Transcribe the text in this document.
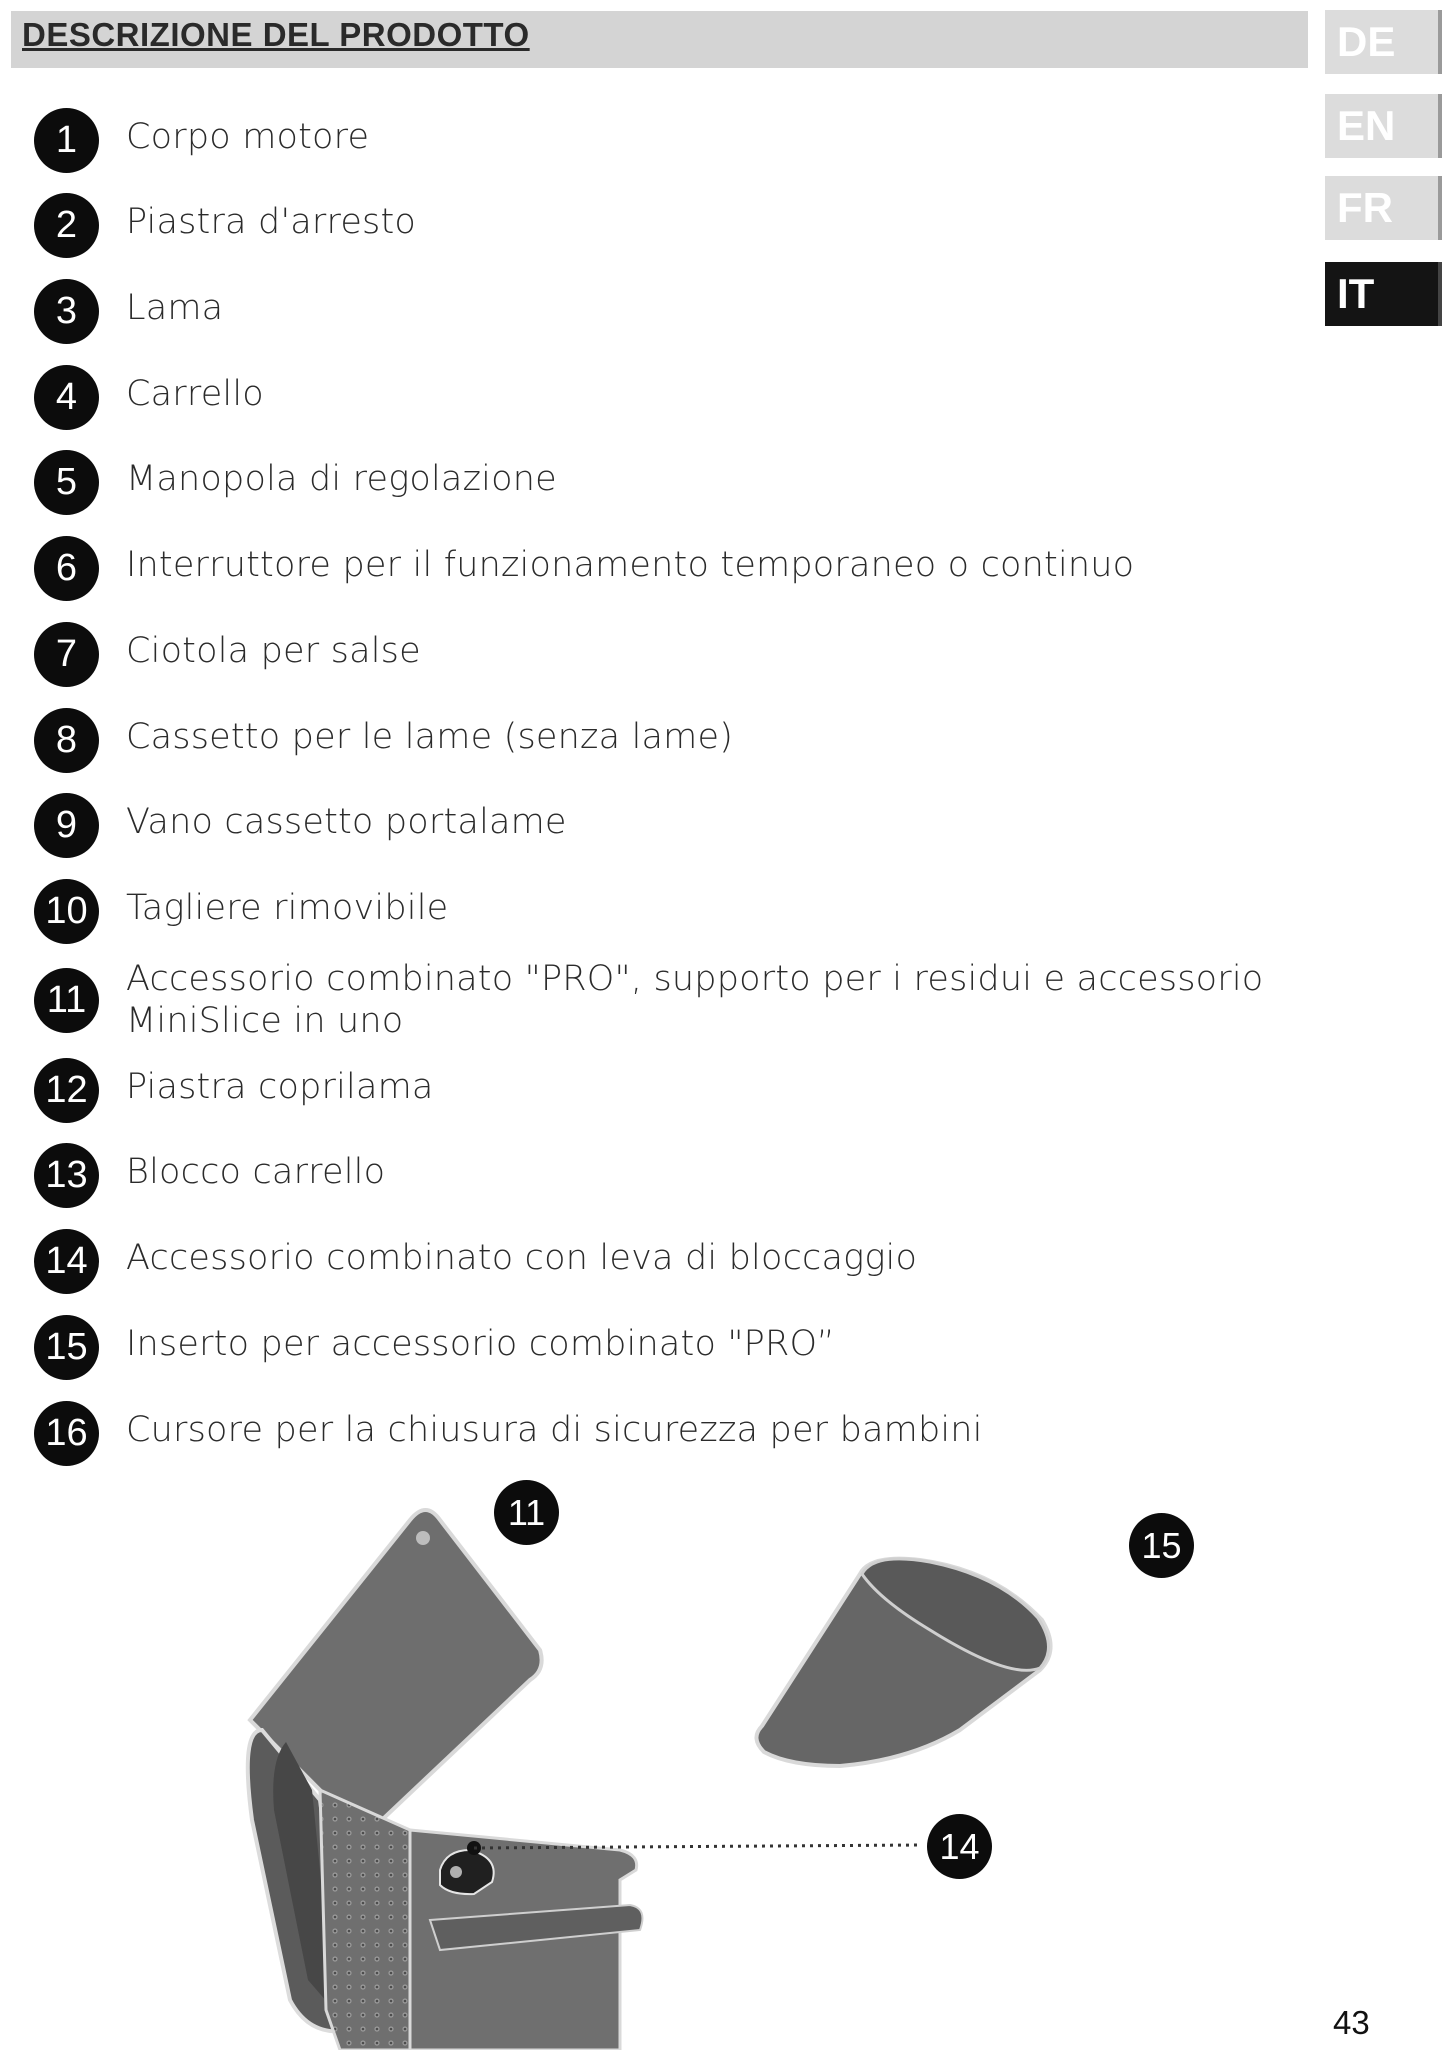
DESCRIZIONE DEL PRODOTTO	DE
EN
FR
IT
1	Corpo motore
2	Piastra d'arresto
3	Lama
4	Carrello
5	Manopola di regolazione
6	Interruttore per il funzionamento temporaneo o continuo
7	Ciotola per salse
8	Cassetto per le lame (senza lame)
9	Vano cassetto portalame
10	Tagliere rimovibile
11	Accessorio combinato "PRO", supporto per i residui e accessorio MiniSlice in uno
12	Piastra coprilama
13	Blocco carrello
14	Accessorio combinato con leva di bloccaggio
15	Inserto per accessorio combinato "PRO”
16	Cursore per la chiusura di sicurezza per bambini
11
15
14
43
